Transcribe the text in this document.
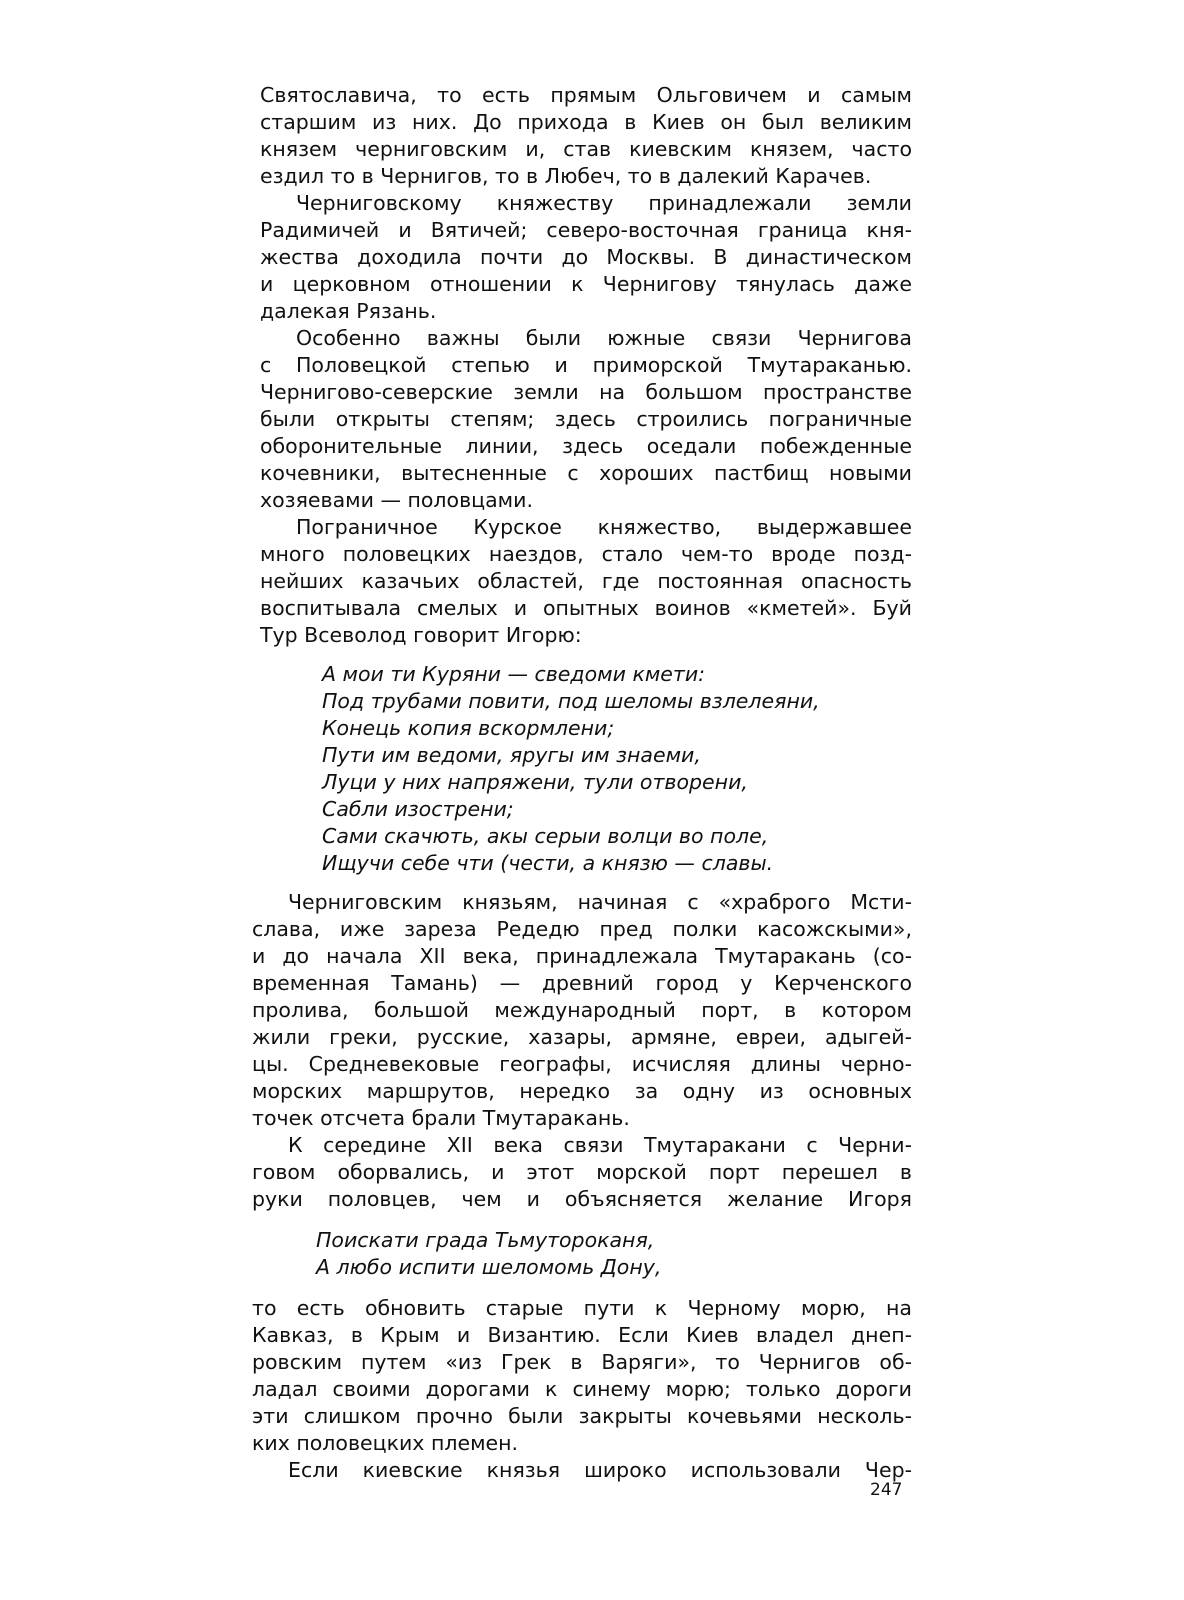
Святославича, то есть прямым Ольговичем и самым
старшим из них. До прихода в Киев он был великим
князем черниговским и, став киевским князем, часто
ездил то в Чернигов, то в Любеч, то в далекий Карачев.
Черниговскому княжеству принадлежали земли
Радимичей и Вятичей; северо-восточная граница кня-
жества доходила почти до Москвы. В династическом
и церковном отношении к Чернигову тянулась даже
далекая Рязань.
Особенно важны были южные связи Чернигова
с Половецкой степью и приморской Тмутараканью.
Чернигово-северские земли на большом пространстве
были открыты степям; здесь строились пограничные
оборонительные линии, здесь оседали побежденные
кочевники, вытесненные с хороших пастбищ новыми
хозяевами — половцами.
Пограничное Курское княжество, выдержавшее
много половецких наездов, стало чем-то вроде позд-
нейших казачьих областей, где постоянная опасность
воспитывала смелых и опытных воинов «кметей». Буй
Тур Всеволод говорит Игорю:
А мои ти Куряни — сведоми кмети:
Под трубами повити, под шеломы взлелеяни,
Конець копия вскормлени;
Пути им ведоми, яругы им знаеми,
Луци у них напряжени, тули отворени,
Сабли изострени;
Сами скачють, акы серыи волци во поле,
Ищучи себе чти (чести, а князю — славы.
Черниговским князьям, начиная с «храброго Мсти-
слава, иже зареза Редедю пред полки касожскыми»,
и до начала XII века, принадлежала Тмутаракань (со-
временная Тамань) — древний город у Керченского
пролива, большой международный порт, в котором
жили греки, русские, хазары, армяне, евреи, адыгей-
цы. Средневековые географы, исчисляя длины черно-
морских маршрутов, нередко за одну из основных
точек отсчета брали Тмутаракань.
К середине XII века связи Тмутаракани с Черни-
говом оборвались, и этот морской порт перешел в
руки половцев, чем и объясняется желание Игоря
Поискати града Тьмутороканя,
А любо испити шеломомь Дону,
то есть обновить старые пути к Черному морю, на
Кавказ, в Крым и Византию. Если Киев владел днеп-
ровским путем «из Грек в Варяги», то Чернигов об-
ладал своими дорогами к синему морю; только дороги
эти слишком прочно были закрыты кочевьями несколь-
ких половецких племен.
Если киевские князья широко использовали Чер-
247
